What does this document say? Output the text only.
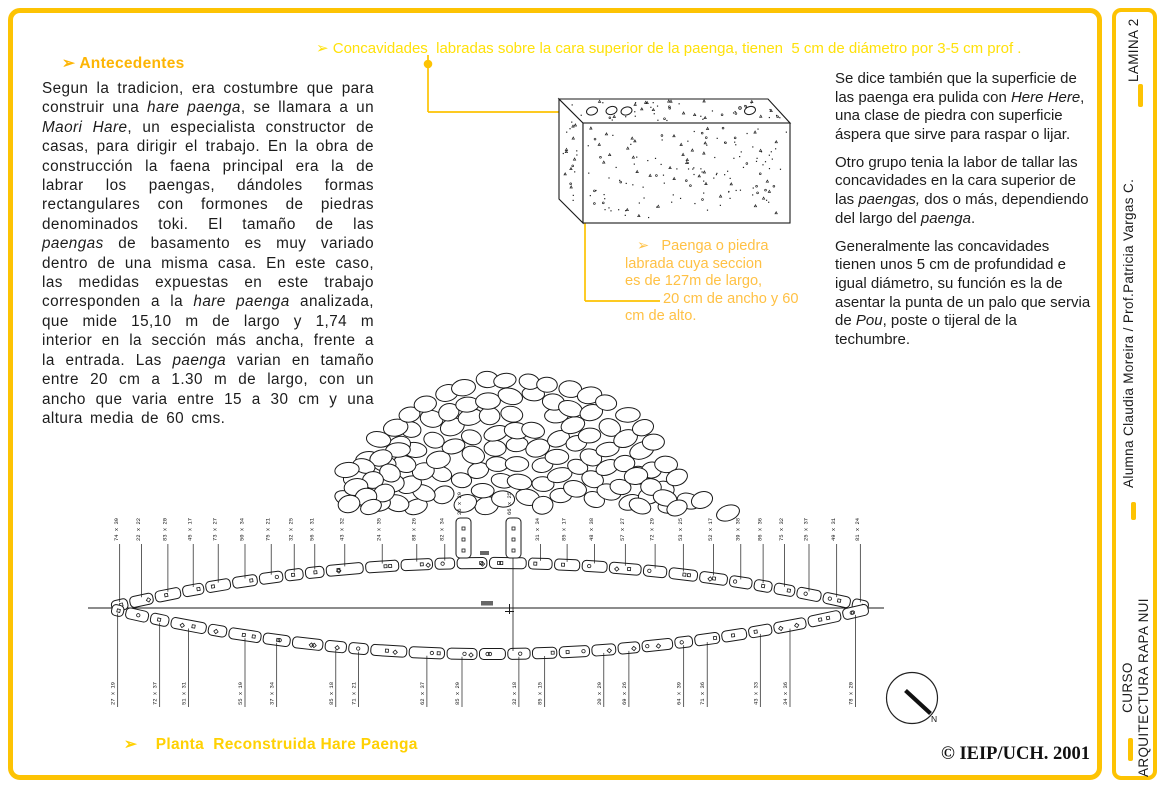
74 x 39	22 x 22	83 x 20	45 x 17	73 x 27	50 x 34	75 x 21	32 x 25 56 x 31	43 x 32	24 x 35	88 x 26	82 x 34	31 x 34	85 x 17	48 x 38	57 x 27	72 x 29	53 x 25	52 x 17	39 x 38	86 x 36	75 x 32	25 x 37	49 x 31	81 x 24
27 x 19	72 x 37	51 x 31	55 x 19	37 x 34	85 x 18	71 x 21	62 x 37	85 x 29	32 x 18	85 x 15	20 x 29	69 x 26	64 x 39	71 x 36	43 x 33	34 x 36	78 x 20
26 x 29	66 x 25
N
➢ Antecedentes
Segun la tradicion, era costumbre que para construir una hare paenga, se llamara a un Maori Hare, un especialista constructor de casas, para dirigir el trabajo. En la obra de construcción la faena principal era la de labrar los paengas, dándoles formas rectangulares con formones de piedras denominados toki. El tamaño de las paengas de basamento es muy variado dentro de una misma casa. En este caso, las medidas expuestas en este trabajo corresponden a la hare paenga analizada, que mide 15,10 m de largo y 1,74 m interior en la sección más ancha, frente a la entrada. Las paenga varian en tamaño entre 20 cm a 1.30 m de largo, con un ancho que varia entre 15 a 30 cm y una altura media de 60 cms.
➢ Concavidades  labradas sobre la cara superior de la paenga, tienen  5 cm de diámetro por 3-5 cm prof .
➢   Paenga o piedra
labrada cuya seccion
es de 127m de largo,
20 cm de ancho y 60
cm de alto.

Se dice también que la superficie de las paenga era pulida con Here Here, una clase de piedra con superficie áspera que sirve para raspar o lijar.

Otro grupo tenia la labor de tallar las concavidades en la cara superior de las paengas, dos o más, dependiendo del largo del paenga.

Generalmente las concavidades tienen unos 5 cm de profundidad e igual diámetro, su función es la de asentar la punta de un palo que servia de Pou, poste o tijeral de la techumbre.

➢    Planta  Reconstruida Hare Paenga	© IEIP/UCH. 2001
LAMINA 2
Alumna Claudia Moreira / Prof.Patricia Vargas C.
CURSO ARQUITECTURA RAPA NUI
